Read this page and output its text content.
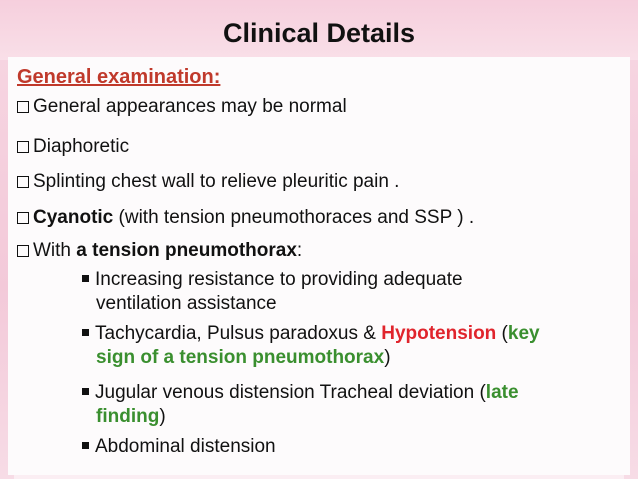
Clinical Details
General examination:
General appearances may be normal
Diaphoretic
Splinting chest wall to relieve pleuritic pain .
Cyanotic (with tension pneumothoraces and SSP ) .
With a tension pneumothorax:
Increasing resistance to providing adequate
ventilation assistance
Tachycardia, Pulsus paradoxus & Hypotension (key
sign of a tension pneumothorax)
Jugular venous distension Tracheal deviation (late
finding)
Abdominal distension
